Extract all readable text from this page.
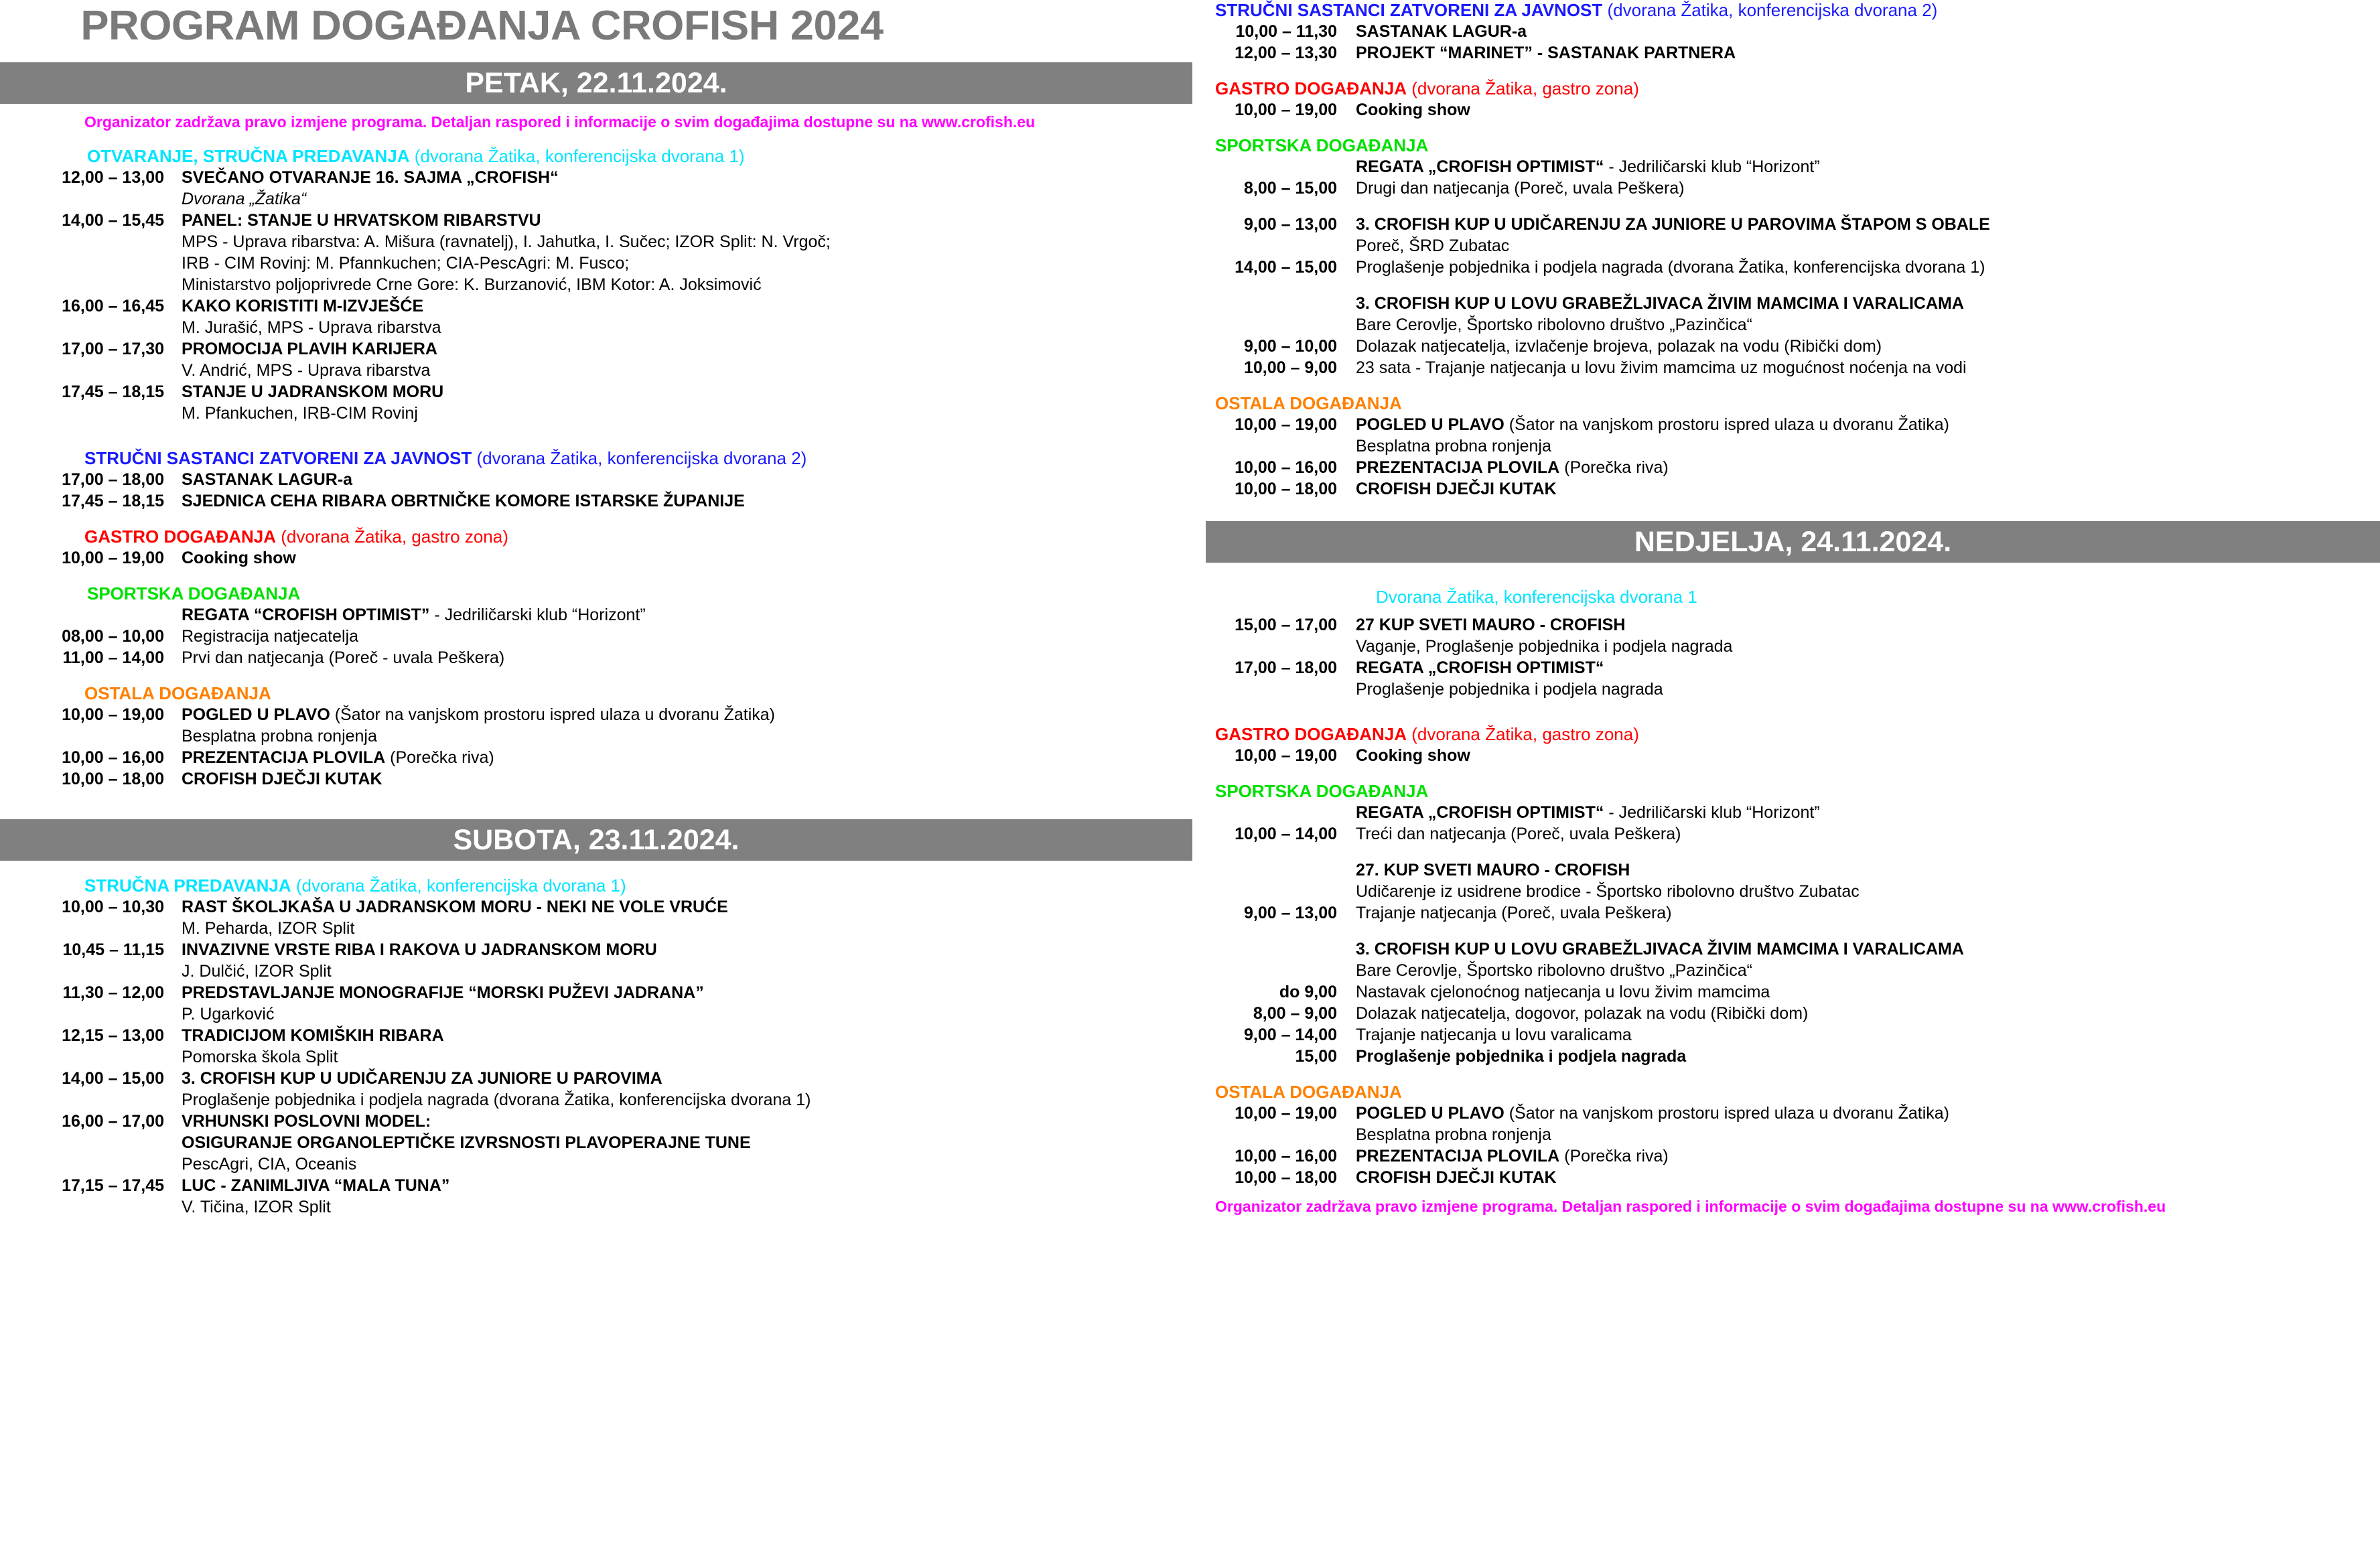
PROGRAM DOGAĐANJA CROFISH 2024
PETAK, 22.11.2024.
Organizator zadržava pravo izmjene programa. Detaljan raspored i informacije o svim događajima dostupne su na www.crofish.eu
OTVARANJE, STRUČNA PREDAVANJA (dvorana Žatika, konferencijska dvorana 1)
12,00 – 13,00	SVEČANO OTVARANJE 16. SAJMA „CROFISH“
Dvorana „Žatika“
14,00 – 15,45	PANEL: STANJE U HRVATSKOM RIBARSTVU
MPS - Uprava ribarstva: A. Mišura (ravnatelj), I. Jahutka, I. Sučec; IZOR Split: N. Vrgoč;
IRB - CIM Rovinj: M. Pfannkuchen; CIA-PescAgri: M. Fusco;
Ministarstvo poljoprivrede Crne Gore: K. Burzanović, IBM Kotor: A. Joksimović
16,00 – 16,45	KAKO KORISTITI M-IZVJEŠĆE
M. Jurašić, MPS - Uprava ribarstva
17,00 – 17,30	PROMOCIJA PLAVIH KARIJERA
V. Andrić, MPS - Uprava ribarstva
17,45 – 18,15	STANJE U JADRANSKOM MORU
M. Pfankuchen, IRB-CIM Rovinj
STRUČNI SASTANCI ZATVORENI ZA JAVNOST (dvorana Žatika, konferencijska dvorana 2)
17,00 – 18,00	SASTANAK LAGUR-a
17,45 – 18,15	SJEDNICA CEHA RIBARA OBRTNIČKE KOMORE ISTARSKE ŽUPANIJE
GASTRO DOGAĐANJA (dvorana Žatika, gastro zona)
10,00 – 19,00	Cooking show
SPORTSKA DOGAĐANJA
REGATA “CROFISH OPTIMIST” - Jedriličarski klub “Horizont”
08,00 – 10,00	Registracija natjecatelja
11,00 – 14,00	Prvi dan natjecanja (Poreč - uvala Peškera)
OSTALA DOGAĐANJA
10,00 – 19,00	POGLED U PLAVO (Šator na vanjskom prostoru ispred ulaza u dvoranu Žatika)
Besplatna probna ronjenja
10,00 – 16,00	PREZENTACIJA PLOVILA (Porečka riva)
10,00 – 18,00	CROFISH DJEČJI KUTAK
SUBOTA, 23.11.2024.
STRUČNA PREDAVANJA (dvorana Žatika, konferencijska dvorana 1)
10,00 – 10,30	RAST ŠKOLJKAŠA U JADRANSKOM MORU - NEKI NE VOLE VRUĆE
M. Peharda, IZOR Split
10,45 – 11,15	INVAZIVNE VRSTE RIBA I RAKOVA U JADRANSKOM MORU
J. Dulčić, IZOR Split
11,30 – 12,00	PREDSTAVLJANJE MONOGRAFIJE “MORSKI PUŽEVI JADRANA”
P. Ugarković
12,15 – 13,00	TRADICIJOM KOMIŠKIH RIBARA
Pomorska škola Split
14,00 – 15,00	3. CROFISH KUP U UDIČARENJU ZA JUNIORE U PAROVIMA
Proglašenje pobjednika i podjela nagrada (dvorana Žatika, konferencijska dvorana 1)
16,00 – 17,00	VRHUNSKI POSLOVNI MODEL:
OSIGURANJE ORGANOLEPTIČKE IZVRSNOSTI PLAVOPERAJNE TUNE
PescAgri, CIA, Oceanis
17,15 – 17,45	LUC - ZANIMLJIVA “MALA TUNA”
V. Tičina, IZOR Split
STRUČNI SASTANCI ZATVORENI ZA JAVNOST (dvorana Žatika, konferencijska dvorana 2)
10,00 – 11,30	SASTANAK LAGUR-a
12,00 – 13,30	PROJEKT “MARINET” - SASTANAK PARTNERA
GASTRO DOGAĐANJA (dvorana Žatika, gastro zona)
10,00 – 19,00	Cooking show
SPORTSKA DOGAĐANJA
REGATA „CROFISH OPTIMIST“ - Jedriličarski klub “Horizont”
8,00 – 15,00	Drugi dan natjecanja (Poreč, uvala Peškera)
9,00 – 13,00	3. CROFISH KUP U UDIČARENJU ZA JUNIORE U PAROVIMA ŠTAPOM S OBALE
Poreč, ŠRD Zubatac
14,00 – 15,00	Proglašenje pobjednika i podjela nagrada (dvorana Žatika, konferencijska dvorana 1)
3. CROFISH KUP U LOVU GRABEŽLJIVACA ŽIVIM MAMCIMA I VARALICAMA
Bare Cerovlje, Športsko ribolovno društvo „Pazinčica“
9,00 – 10,00	Dolazak natjecatelja, izvlačenje brojeva, polazak na vodu (Ribički dom)
10,00 – 9,00	23 sata - Trajanje natjecanja u lovu živim mamcima uz mogućnost noćenja na vodi
OSTALA DOGAĐANJA
10,00 – 19,00	POGLED U PLAVO (Šator na vanjskom prostoru ispred ulaza u dvoranu Žatika)
Besplatna probna ronjenja
10,00 – 16,00	PREZENTACIJA PLOVILA (Porečka riva)
10,00 – 18,00	CROFISH DJEČJI KUTAK
NEDJELJA, 24.11.2024.
Dvorana Žatika, konferencijska dvorana 1
15,00 – 17,00	27 KUP SVETI MAURO - CROFISH
Vaganje, Proglašenje pobjednika i podjela nagrada
17,00 – 18,00	REGATA „CROFISH OPTIMIST“
Proglašenje pobjednika i podjela nagrada
GASTRO DOGAĐANJA (dvorana Žatika, gastro zona)
10,00 – 19,00	Cooking show
SPORTSKA DOGAĐANJA
REGATA „CROFISH OPTIMIST“ - Jedriličarski klub “Horizont”
10,00 – 14,00	Treći dan natjecanja (Poreč, uvala Peškera)
27. KUP SVETI MAURO - CROFISH
Udičarenje iz usidrene brodice - Športsko ribolovno društvo Zubatac
9,00 – 13,00	Trajanje natjecanja (Poreč, uvala Peškera)
3. CROFISH KUP U LOVU GRABEŽLJIVACA ŽIVIM MAMCIMA I VARALICAMA
Bare Cerovlje, Športsko ribolovno društvo „Pazinčica“
do 9,00	Nastavak cjelonoćnog natjecanja u lovu živim mamcima
8,00 – 9,00	Dolazak natjecatelja, dogovor, polazak na vodu (Ribički dom)
9,00 – 14,00	Trajanje natjecanja u lovu varalicama
15,00	Proglašenje pobjednika i podjela nagrada
OSTALA DOGAĐANJA
10,00 – 19,00	POGLED U PLAVO (Šator na vanjskom prostoru ispred ulaza u dvoranu Žatika)
Besplatna probna ronjenja
10,00 – 16,00	PREZENTACIJA PLOVILA (Porečka riva)
10,00 – 18,00	CROFISH DJEČJI KUTAK
Organizator zadržava pravo izmjene programa. Detaljan raspored i informacije o svim događajima dostupne su na www.crofish.eu
